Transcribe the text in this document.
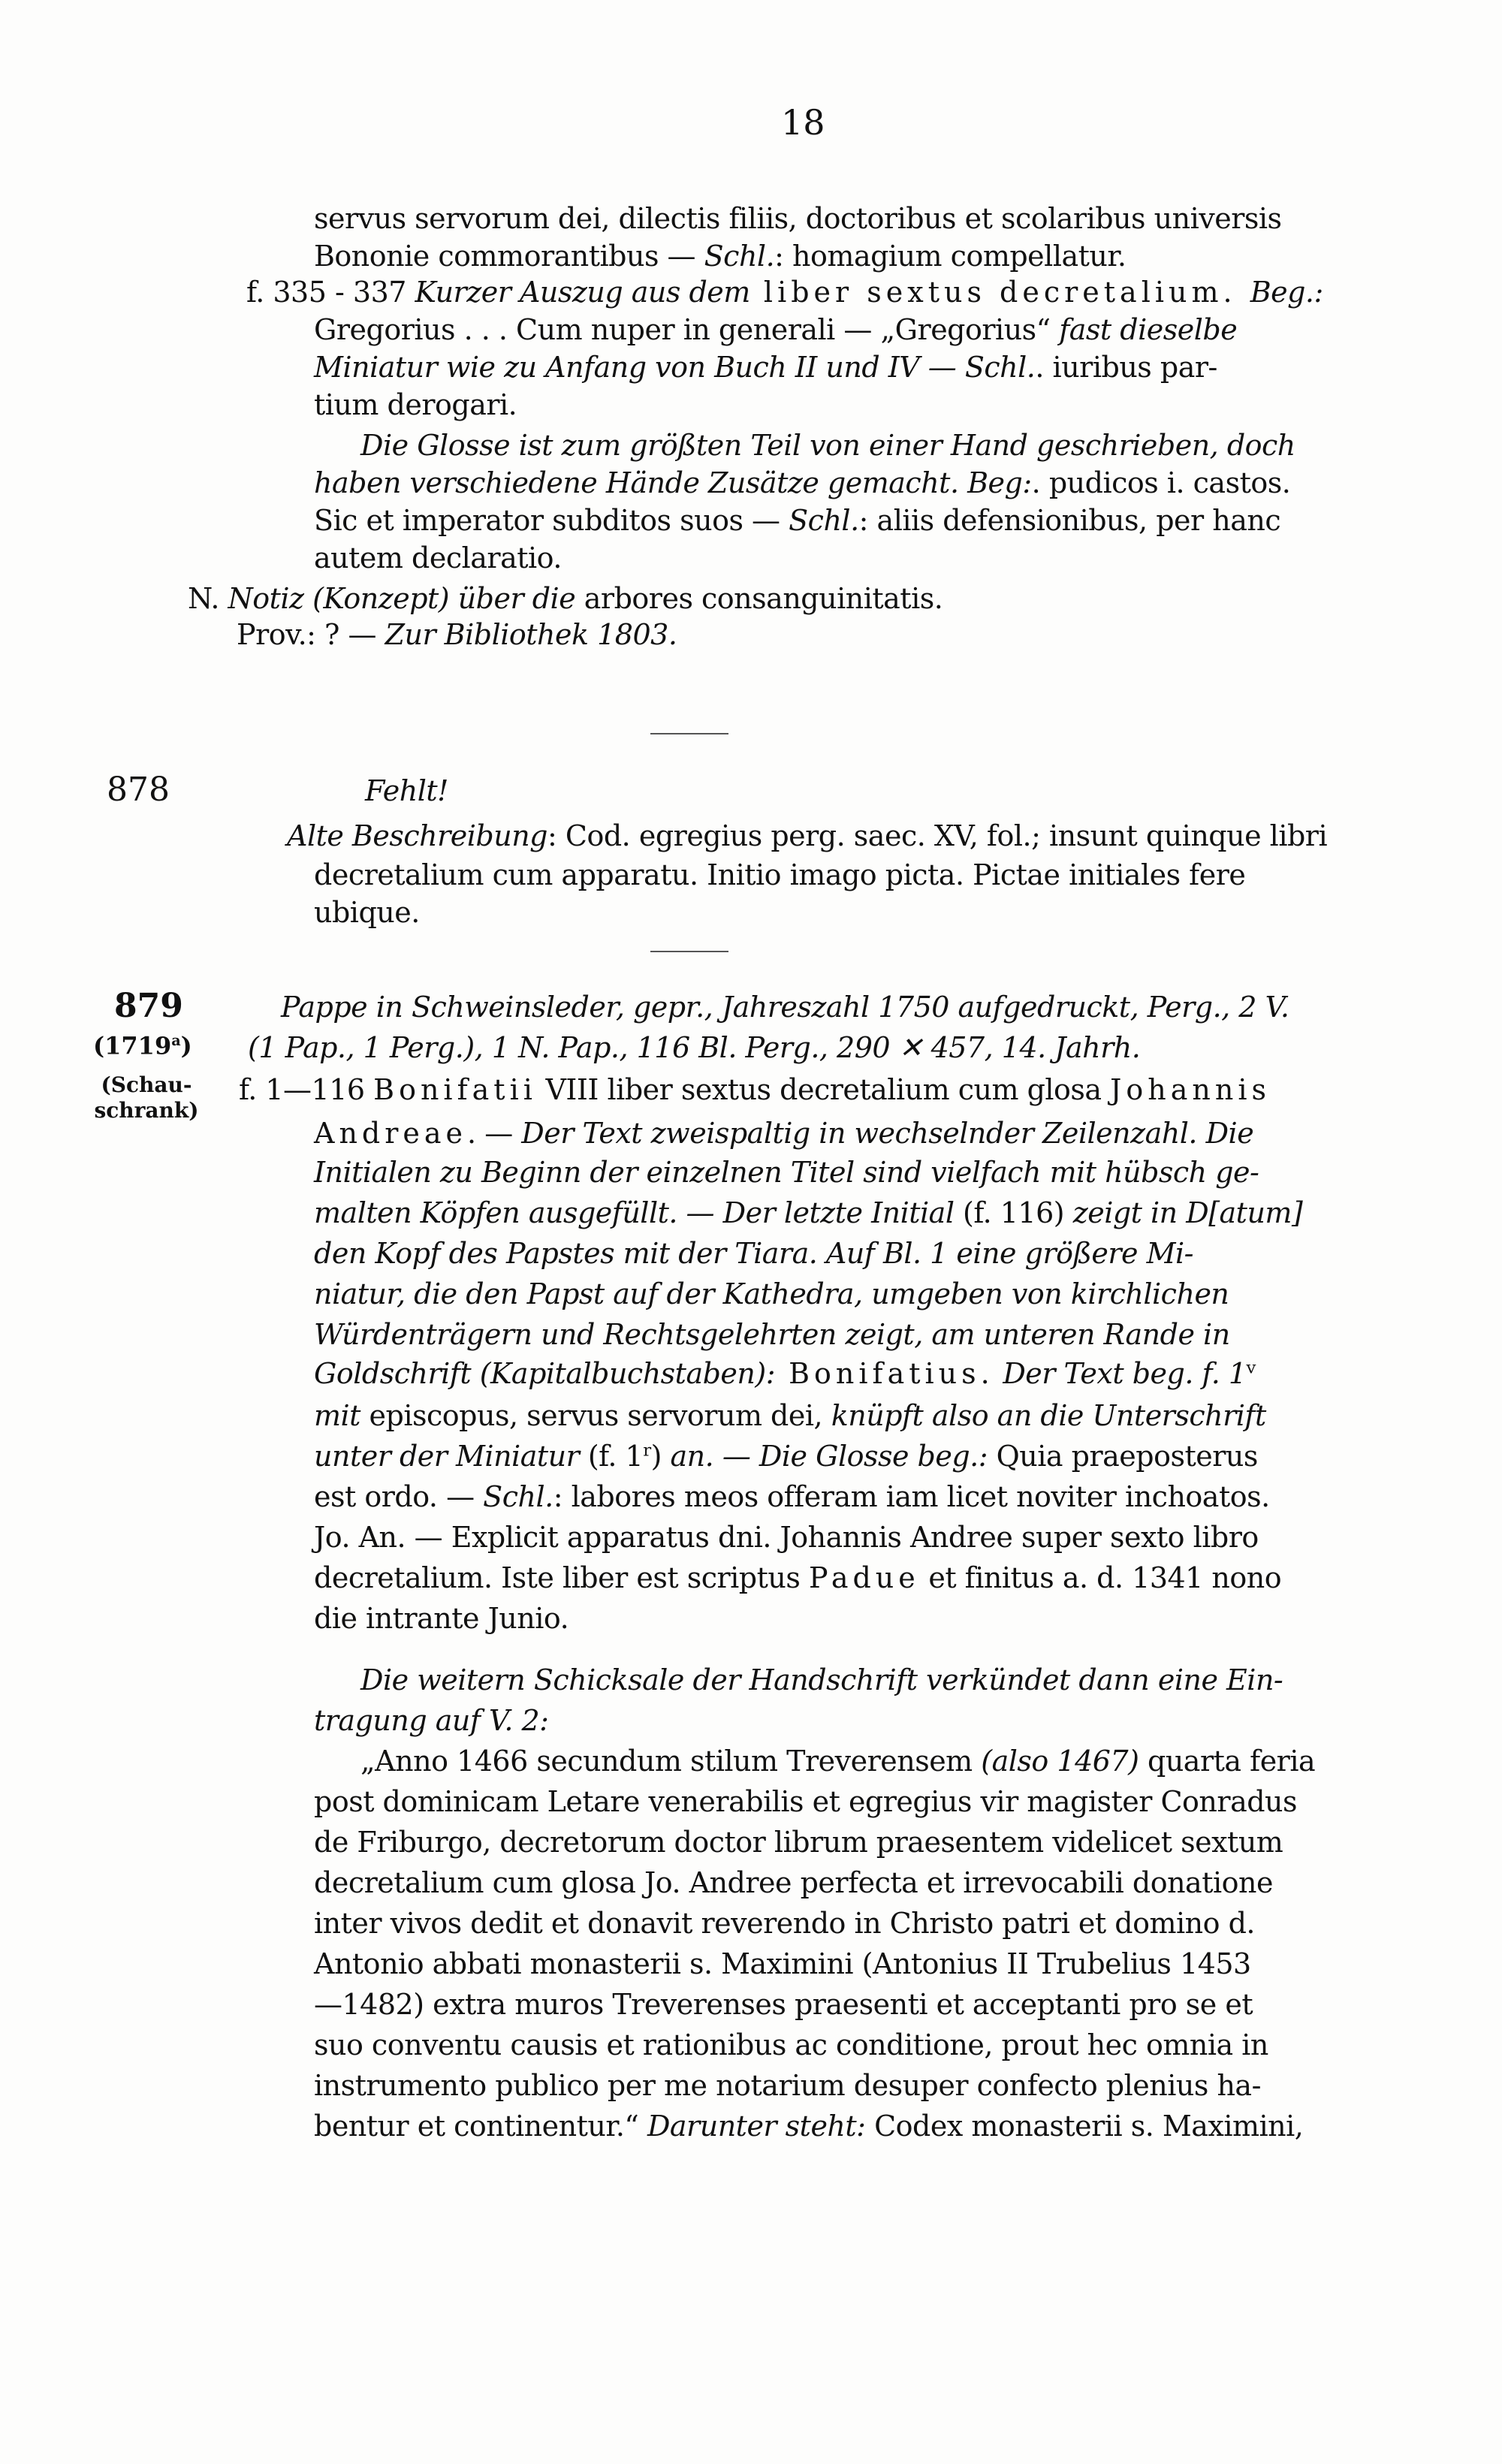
18
servus servorum dei, dilectis filiis, doctoribus et scolaribus universis
Bononie commorantibus — Schl.: homagium compellatur.
f. 335 - 337 Kurzer Auszug aus dem liber sextus decretalium. Beg.:
Gregorius . . . Cum nuper in generali — „Gregorius“ fast dieselbe
Miniatur wie zu Anfang von Buch II und IV — Schl.. iuribus par-
tium derogari.
Die Glosse ist zum größten Teil von einer Hand geschrieben, doch
haben verschiedene Hände Zusätze gemacht. Beg:. pudicos i. castos.
Sic et imperator subditos suos — Schl.: aliis defensionibus, per hanc
autem declaratio.
N. Notiz (Konzept) über die arbores consanguinitatis.
Prov.: ? — Zur Bibliothek 1803.
878	Fehlt!
Alte Beschreibung: Cod. egregius perg. saec. XV, fol.; insunt quinque libri
decretalium cum apparatu. Initio imago picta. Pictae initiales fere
ubique.
879
(1719$^a$)
(Schau-
schrank)
Pappe in Schweinsleder, gepr., Jahreszahl 1750 aufgedruckt, Perg., 2 V.
(1 Pap., 1 Perg.), 1 N. Pap., 116 Bl. Perg., 290 ✕ 457, 14. Jahrh.
f. 1—116 Bonifatii VIII liber sextus decretalium cum glosa Johannis
Andreae. — Der Text zweispaltig in wechselnder Zeilenzahl. Die
Initialen zu Beginn der einzelnen Titel sind vielfach mit hübsch ge-
malten Köpfen ausgefüllt. — Der letzte Initial (f. 116) zeigt in D[atum]
den Kopf des Papstes mit der Tiara. Auf Bl. 1 eine größere Mi-
niatur, die den Papst auf der Kathedra, umgeben von kirchlichen
Würdenträgern und Rechtsgelehrten zeigt, am unteren Rande in
Goldschrift (Kapitalbuchstaben): Bonifatius. Der Text beg. f. 1$^v$
mit episcopus, servus servorum dei, knüpft also an die Unterschrift
unter der Miniatur (f. 1$^r$) an. — Die Glosse beg.: Quia praeposterus
est ordo. — Schl.: labores meos offeram iam licet noviter inchoatos.
Jo. An. — Explicit apparatus dni. Johannis Andree super sexto libro
decretalium. Iste liber est scriptus Padue et finitus a. d. 1341 nono
die intrante Junio.
Die weitern Schicksale der Handschrift verkündet dann eine Ein-
tragung auf V. 2:
„Anno 1466 secundum stilum Treverensem (also 1467) quarta feria
post dominicam Letare venerabilis et egregius vir magister Conradus
de Friburgo, decretorum doctor librum praesentem videlicet sextum
decretalium cum glosa Jo. Andree perfecta et irrevocabili donatione
inter vivos dedit et donavit reverendo in Christo patri et domino d.
Antonio abbati monasterii s. Maximini (Antonius II Trubelius 1453
—1482) extra muros Treverenses praesenti et acceptanti pro se et
suo conventu causis et rationibus ac conditione, prout hec omnia in
instrumento publico per me notarium desuper confecto plenius ha-
bentur et continentur.“ Darunter steht: Codex monasterii s. Maximini,
